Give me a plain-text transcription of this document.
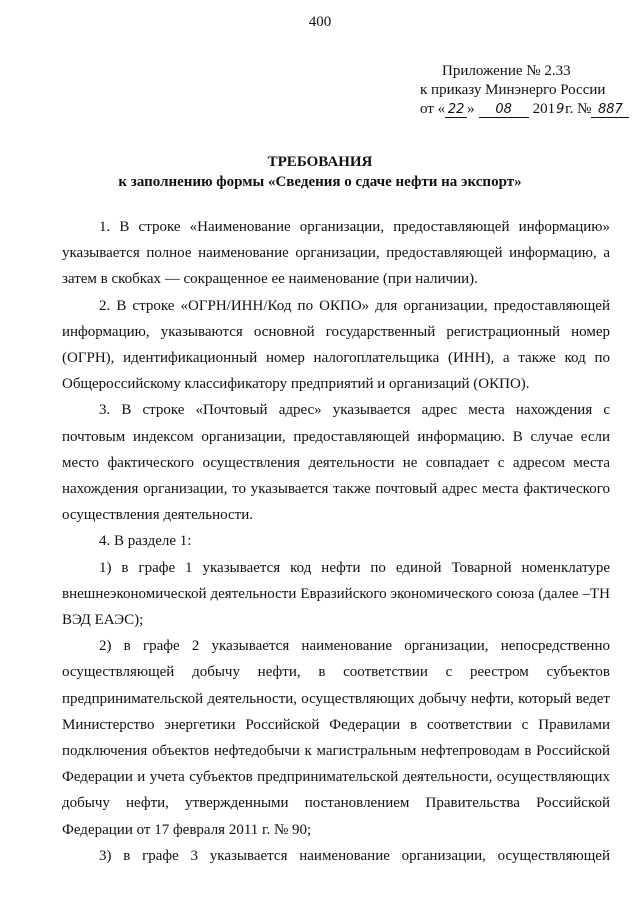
400
Приложение № 2.33
к приказу Минэнерго России
от « 22 » 08 2019г. № 887
ТРЕБОВАНИЯ
к заполнению формы «Сведения о сдаче нефти на экспорт»

1. В строке «Наименование организации, предоставляющей информацию» указывается полное наименование организации, предоставляющей информацию, а затем в скобках — сокращенное ее наименование (при наличии).

2. В строке «ОГРН/ИНН/Код по ОКПО» для организации, предоставляющей информацию, указываются основной государственный регистрационный номер (ОГРН), идентификационный номер налогоплательщика (ИНН), а также код по Общероссийскому классификатору предприятий и организаций (ОКПО).

3. В строке «Почтовый адрес» указывается адрес места нахождения с почтовым индексом организации, предоставляющей информацию. В случае если место фактического осуществления деятельности не совпадает с адресом места нахождения организации, то указывается также почтовый адрес места фактического осуществления деятельности.

4. В разделе 1:

1) в графе 1 указывается код нефти по единой Товарной номенклатуре внешнеэкономической деятельности Евразийского экономического союза (далее –ТН ВЭД ЕАЭС);

2) в графе 2 указывается наименование организации, непосредственно осуществляющей добычу нефти, в соответствии с реестром субъектов предпринимательской деятельности, осуществляющих добычу нефти, который ведет Министерство энергетики Российской Федерации в соответствии с Правилами подключения объектов нефтедобычи к магистральным нефтепроводам в Российской Федерации и учета субъектов предпринимательской деятельности, осуществляющих добычу нефти, утвержденными постановлением Правительства Российской Федерации от 17 февраля 2011 г. № 90;

3) в графе 3 указывается наименование организации, осуществляющей
